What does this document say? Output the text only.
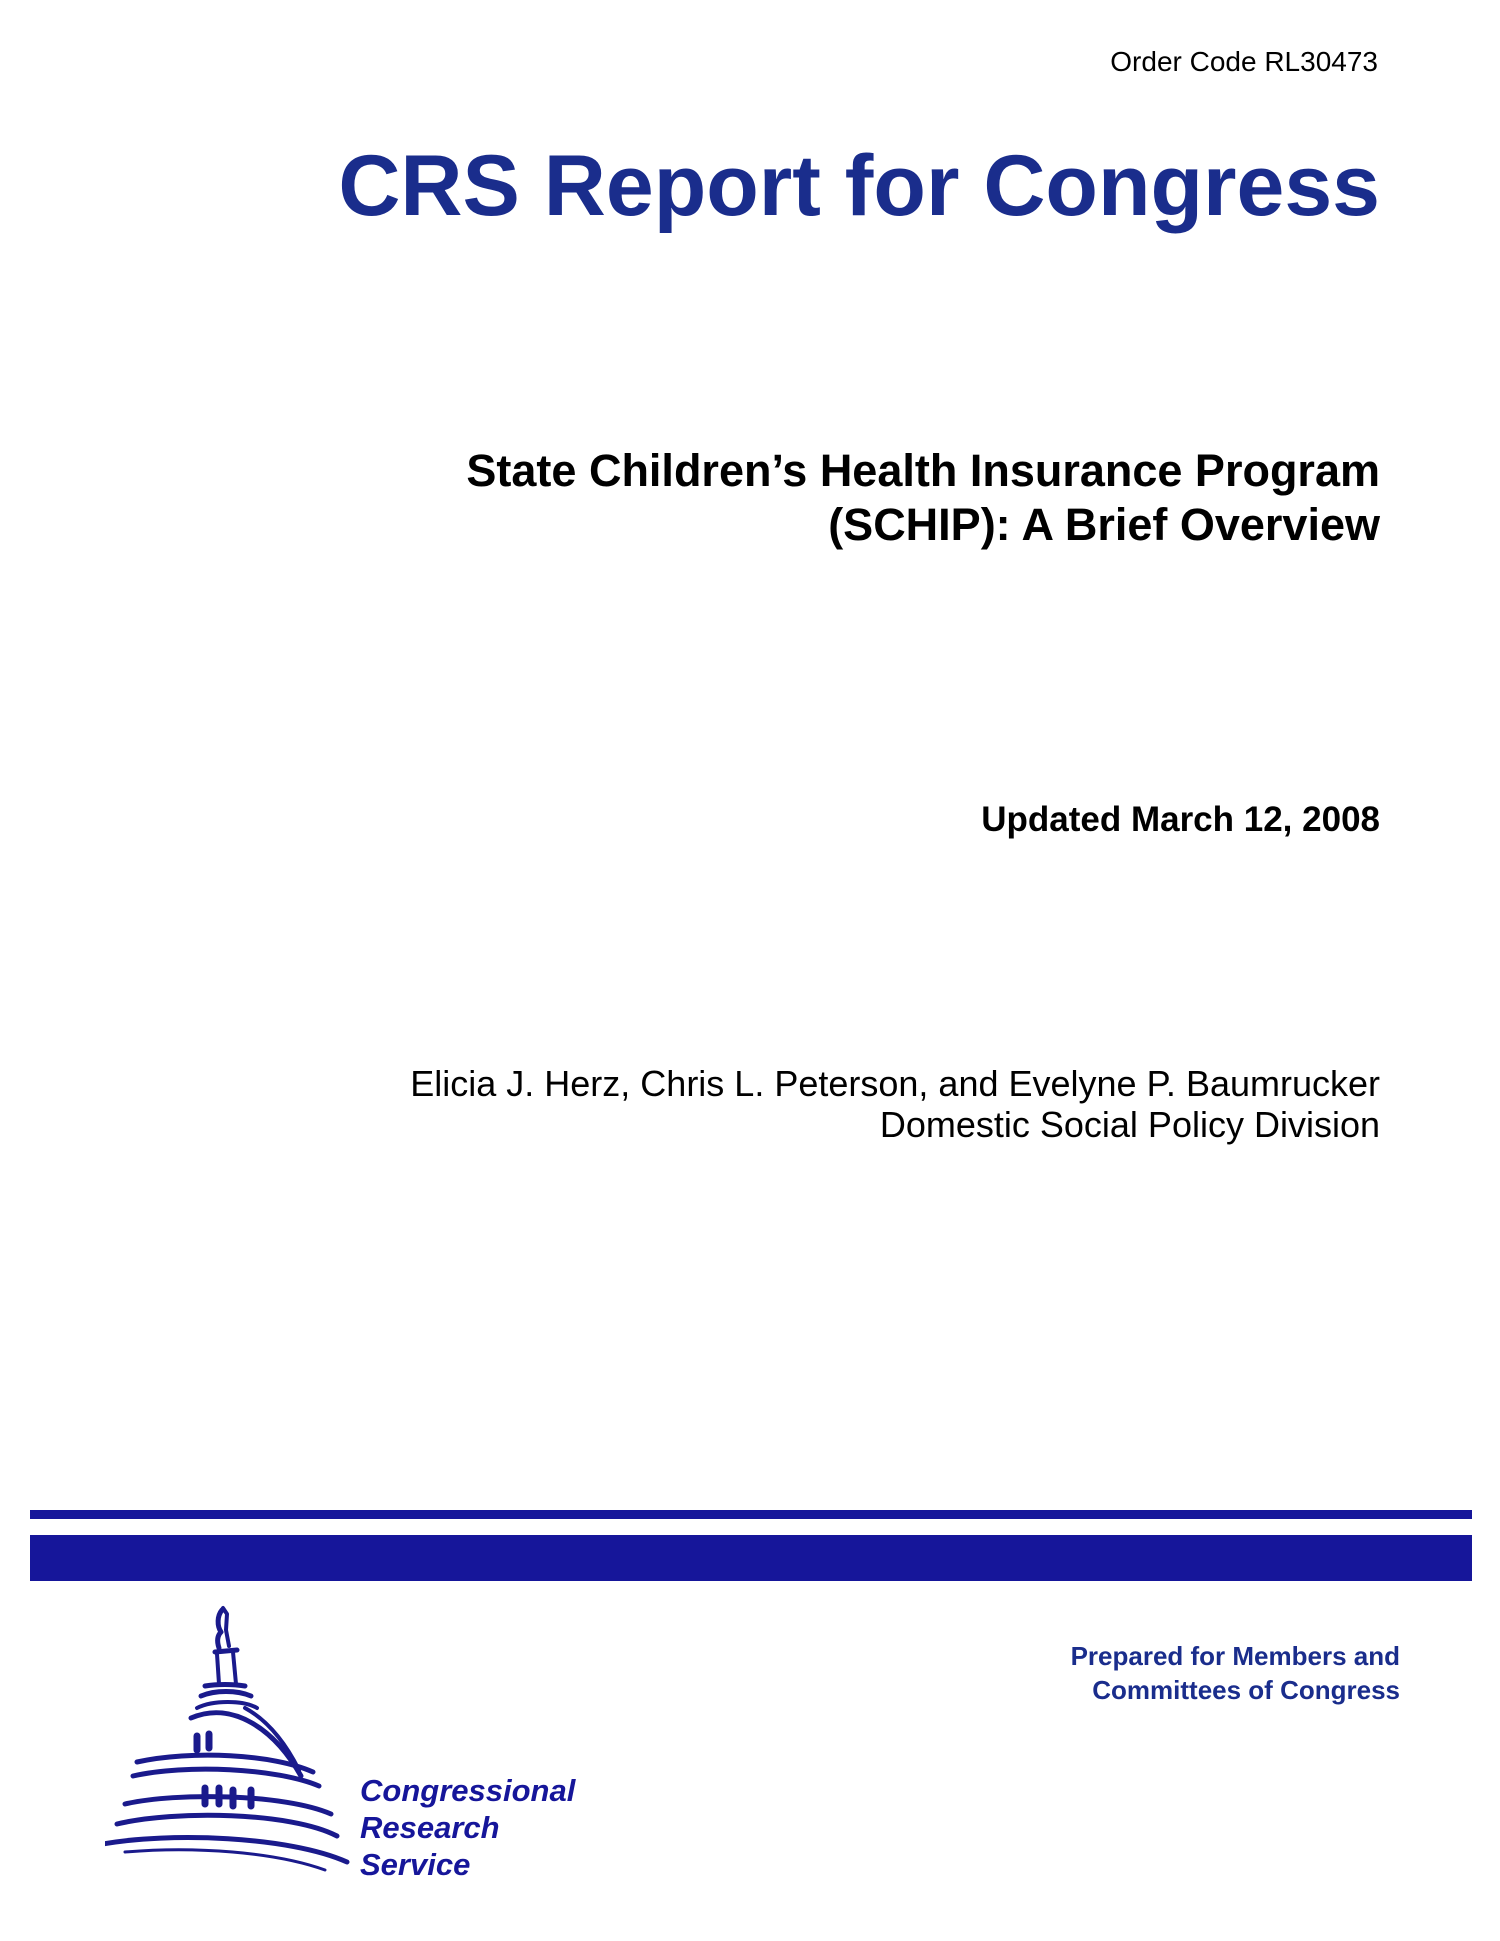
Order Code RL30473
CRS Report for Congress
State Children’s Health Insurance Program
(SCHIP): A Brief Overview
Updated March 12, 2008
Elicia J. Herz, Chris L. Peterson, and Evelyne P. Baumrucker
Domestic Social Policy Division
Congressional
Research
Service
Prepared for Members and
Committees of Congress
